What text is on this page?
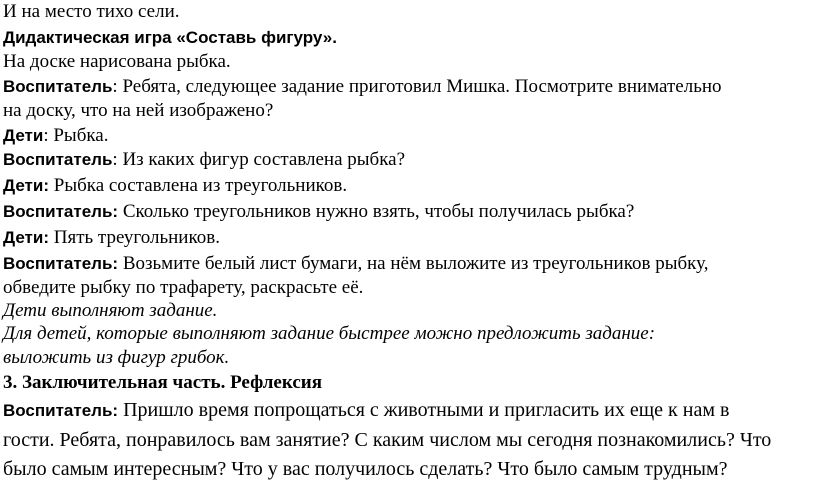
И на место тихо сели.
Дидактическая игра «Составь фигуру».
На доске нарисована рыбка.
Воспитатель: Ребята, следующее задание приготовил Мишка. Посмотрите внимательно
на доску, что на ней изображено?
Дети: Рыбка.
Воспитатель: Из каких фигур составлена рыбка?
Дети: Рыбка составлена из треугольников.
Воспитатель: Сколько треугольников нужно взять, чтобы получилась рыбка?
Дети: Пять треугольников.
Воспитатель: Возьмите белый лист бумаги, на нём выложите из треугольников рыбку,
обведите рыбку по трафарету, раскрасьте её.
Дети выполняют задание.
Для детей, которые выполняют задание быстрее можно предложить задание:
выложить из фигур грибок.
3. Заключительная часть. Рефлексия
Воспитатель: Пришло время попрощаться с животными и пригласить их еще к нам в
гости. Ребята, понравилось вам занятие? С каким числом мы сегодня познакомились? Что
было самым интересным? Что у вас получилось сделать? Что было самым трудным?
